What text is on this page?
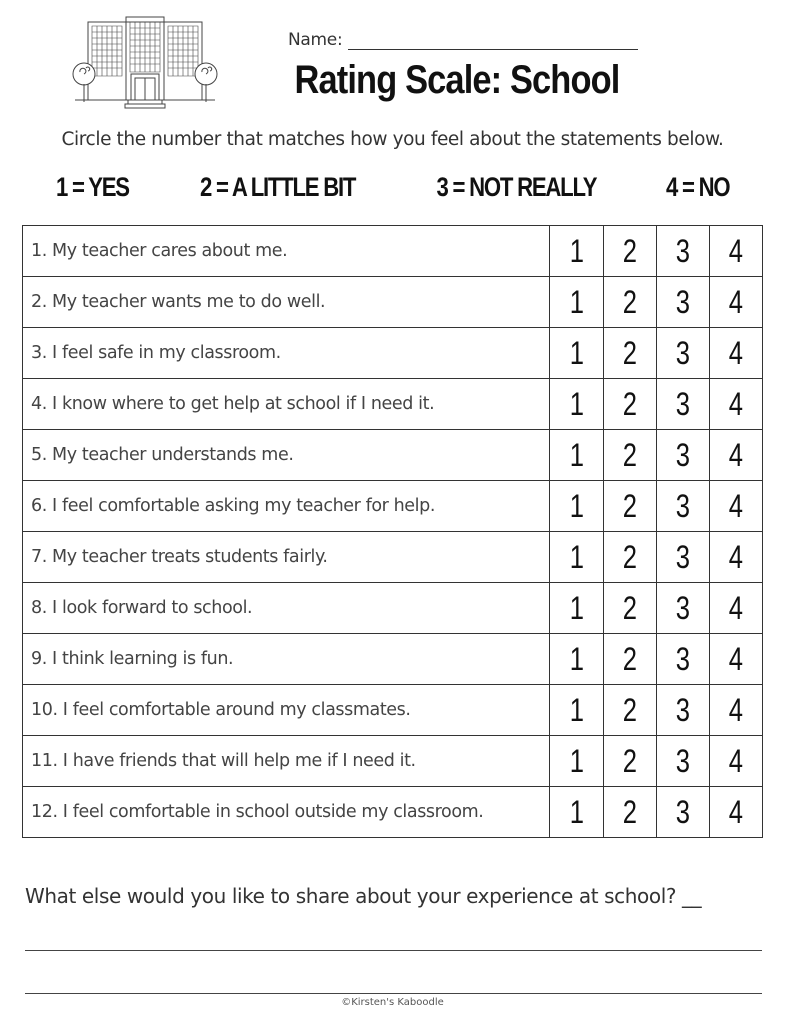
Name:
Rating Scale: School
Circle the number that matches how you feel about the statements below.
1 = YES	2 = A LITTLE BIT	3 = NOT REALLY	4 = NO
1. My teacher cares about me.	1	2	3	4
2. My teacher wants me to do well.	1	2	3	4
3. I feel safe in my classroom.	1	2	3	4
4. I know where to get help at school if I need it.	1	2	3	4
5. My teacher understands me.	1	2	3	4
6. I feel comfortable asking my teacher for help.	1	2	3	4
7. My teacher treats students fairly.	1	2	3	4
8. I look forward to school.	1	2	3	4
9. I think learning is fun.	1	2	3	4
10. I feel comfortable around my classmates.	1	2	3	4
11. I have friends that will help me if I need it.	1	2	3	4
12. I feel comfortable in school outside my classroom.	1	2	3	4
What else would you like to share about your experience at school? __
©Kirsten's Kaboodle
